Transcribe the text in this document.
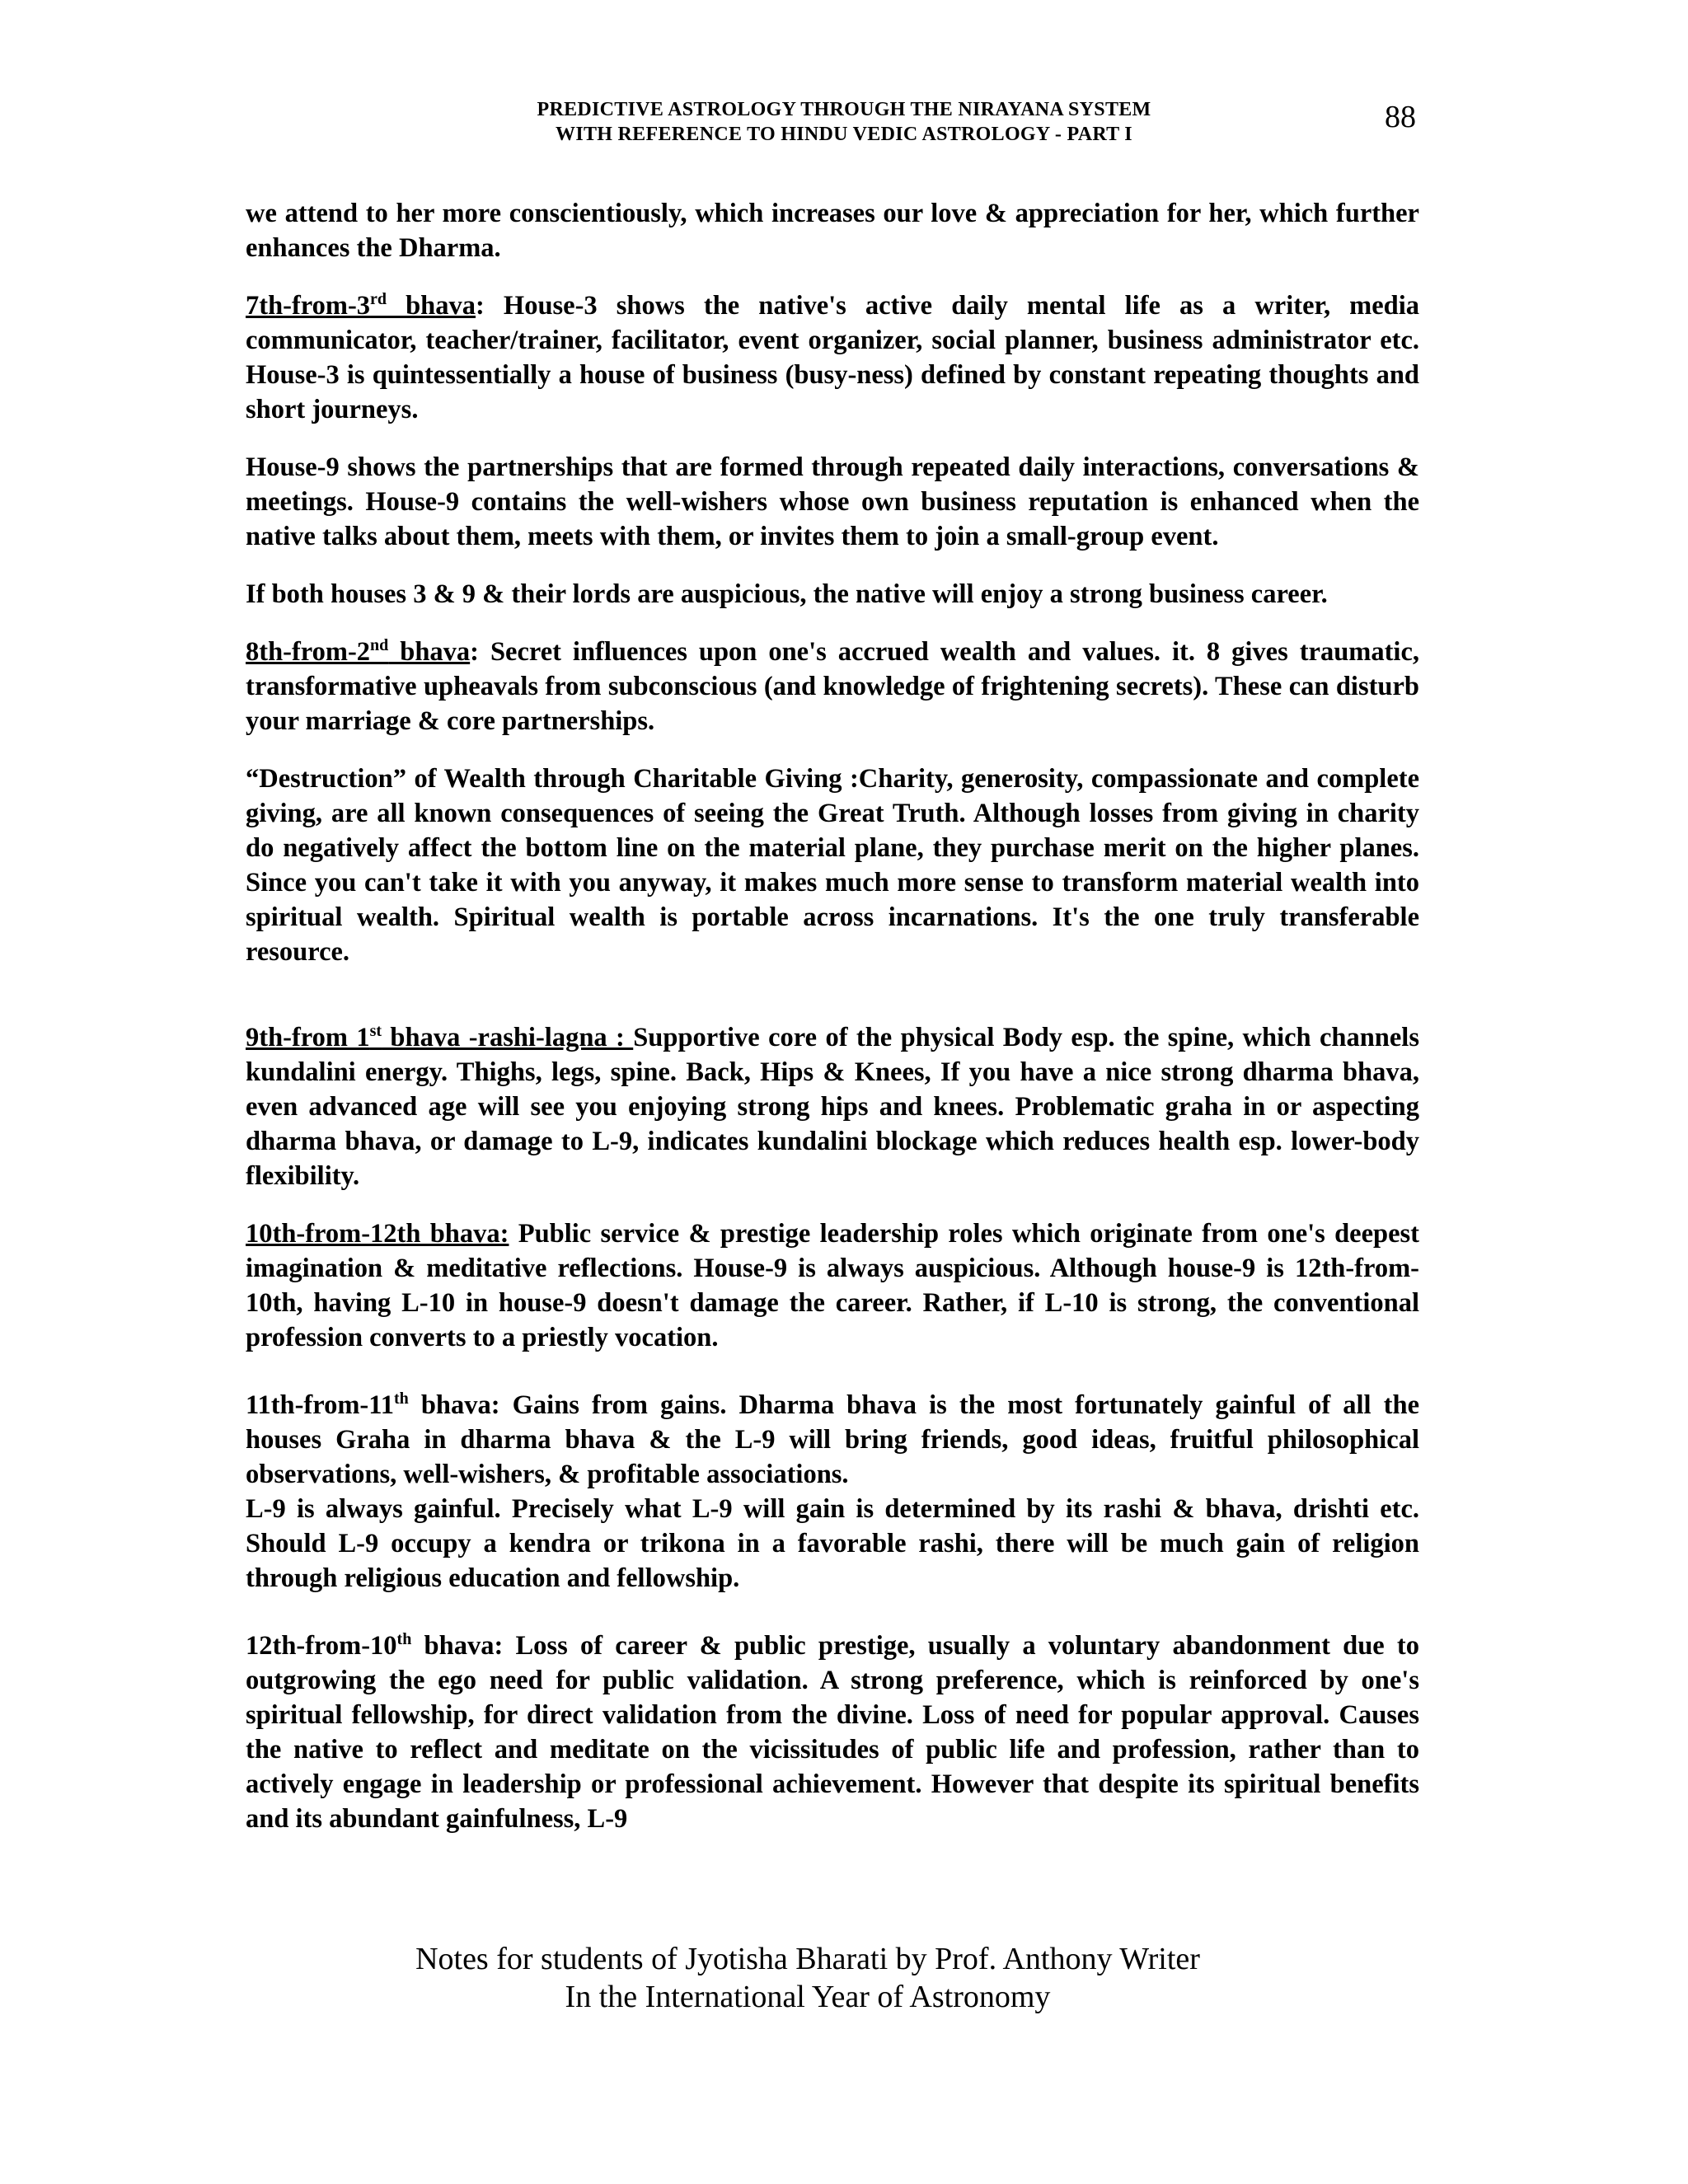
PREDICTIVE ASTROLOGY THROUGH THE NIRAYANA SYSTEM
WITH REFERENCE TO HINDU VEDIC ASTROLOGY - PART I	88

we attend to her more conscientiously, which increases our love & appreciation for her, which further enhances the Dharma.

7th-from-3rd bhava: House-3 shows the native's active daily mental life as a writer, media communicator, teacher/trainer, facilitator, event organizer, social planner, business administrator etc. House-3 is quintessentially a house of business (busy-ness) defined by constant repeating thoughts and short journeys.

House-9 shows the partnerships that are formed through repeated daily interactions, conversations & meetings. House-9 contains the well-wishers whose own business reputation is enhanced when the native talks about them, meets with them, or invites them to join a small-group event.

If both houses 3 & 9 & their lords are auspicious, the native will enjoy a strong business career.

8th-from-2nd bhava: Secret influences upon one's accrued wealth and values. it. 8 gives traumatic, transformative upheavals from subconscious (and knowledge of frightening secrets). These can disturb your marriage & core partnerships.

“Destruction” of Wealth through Charitable Giving :Charity, generosity, compassionate and complete giving, are all known consequences of seeing the Great Truth. Although losses from giving in charity do negatively affect the bottom line on the material plane, they purchase merit on the higher planes. Since you can't take it with you anyway, it makes much more sense to transform material wealth into spiritual wealth. Spiritual wealth is portable across incarnations. It's the one truly transferable resource.

9th-from 1st bhava -rashi-lagna : Supportive core of the physical Body esp. the spine, which channels kundalini energy. Thighs, legs, spine. Back, Hips & Knees, If you have a nice strong dharma bhava, even advanced age will see you enjoying strong hips and knees. Problematic graha in or aspecting dharma bhava, or damage to L-9, indicates kundalini blockage which reduces health esp. lower-body flexibility.

10th-from-12th bhava: Public service & prestige leadership roles which originate from one's deepest imagination & meditative reflections. House-9 is always auspicious. Although house-9 is 12th-from-10th, having L-10 in house-9 doesn't damage the career. Rather, if L-10 is strong, the conventional profession converts to a priestly vocation.

11th-from-11th bhava: Gains from gains. Dharma bhava is the most fortunately gainful of all the houses Graha in dharma bhava & the L-9 will bring friends, good ideas, fruitful philosophical observations, well-wishers, & profitable associations.

L-9 is always gainful. Precisely what L-9 will gain is determined by its rashi & bhava, drishti etc. Should L-9 occupy a kendra or trikona in a favorable rashi, there will be much gain of religion through religious education and fellowship.

12th-from-10th bhava: Loss of career & public prestige, usually a voluntary abandonment due to outgrowing the ego need for public validation. A strong preference, which is reinforced by one's spiritual fellowship, for direct validation from the divine. Loss of need for popular approval. Causes the native to reflect and meditate on the vicissitudes of public life and profession, rather than to actively engage in leadership or professional achievement. However that despite its spiritual benefits and its abundant gainfulness, L-9

Notes for students of Jyotisha Bharati by Prof. Anthony Writer
In the International Year of Astronomy
